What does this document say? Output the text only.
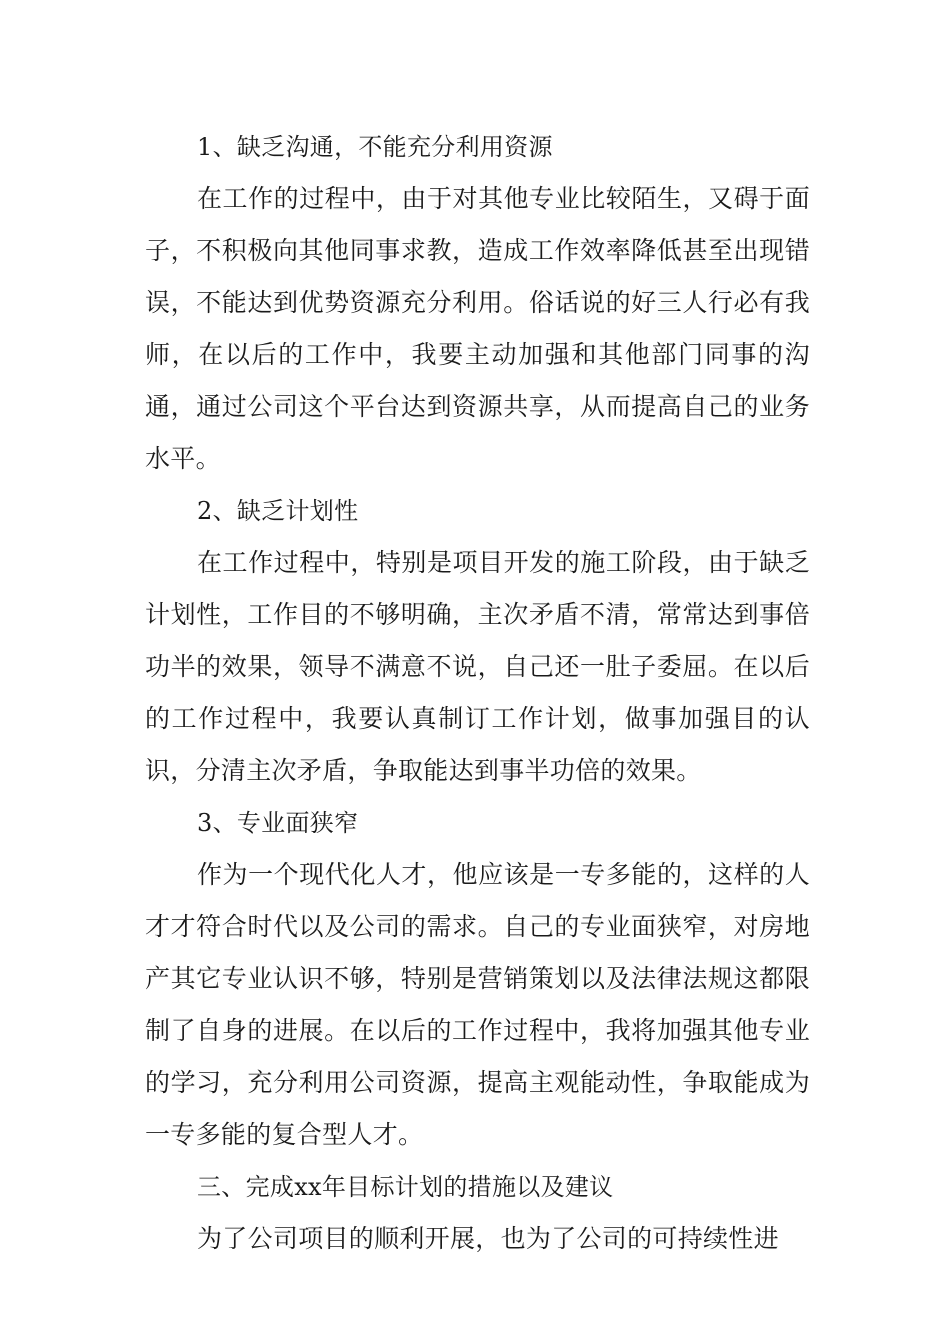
1、缺乏沟通，不能充分利用资源

在工作的过程中，由于对其他专业比较陌生，又碍于面子，不积极向其他同事求教，造成工作效率降低甚至出现错误，不能达到优势资源充分利用。俗话说的好三人行必有我师，在以后的工作中，我要主动加强和其他部门同事的沟通，通过公司这个平台达到资源共享，从而提高自己的业务水平。

2、缺乏计划性

在工作过程中，特别是项目开发的施工阶段，由于缺乏计划性，工作目的不够明确，主次矛盾不清，常常达到事倍功半的效果，领导不满意不说，自己还一肚子委屈。在以后的工作过程中，我要认真制订工作计划，做事加强目的认识，分清主次矛盾，争取能达到事半功倍的效果。

3、专业面狭窄

作为一个现代化人才，他应该是一专多能的，这样的人才才符合时代以及公司的需求。自己的专业面狭窄，对房地产其它专业认识不够，特别是营销策划以及法律法规这都限制了自身的进展。在以后的工作过程中，我将加强其他专业的学习，充分利用公司资源，提高主观能动性，争取能成为一专多能的复合型人才。

三、完成xx年目标计划的措施以及建议

为了公司项目的顺利开展，也为了公司的可持续性进
